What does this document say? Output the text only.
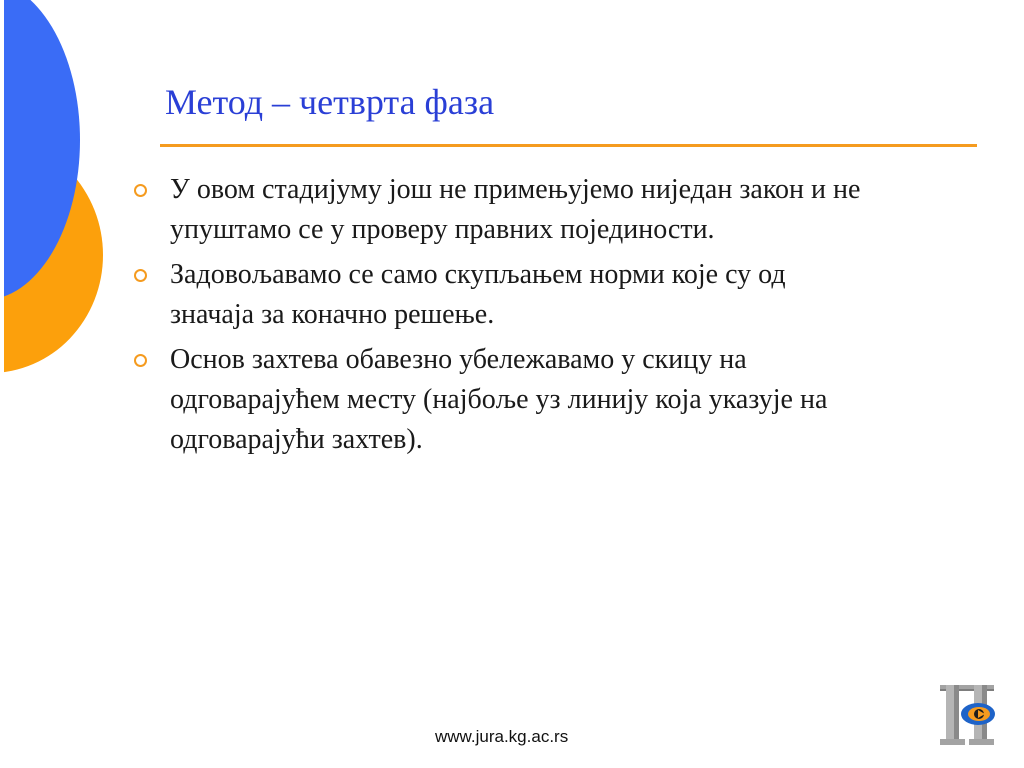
Метод – четврта фаза
У овом стадијуму још не примењујемо ниједан закон и не
упуштамо се у проверу правних појединости.
Задовољавамо се само скупљањем норми које су од
значаја за коначно решење.
Основ захтева обавезно убележавамо у скицу на
одговарајућем месту (најбоље уз линију која указује на
одговарајући захтев).
www.jura.kg.ac.rs
